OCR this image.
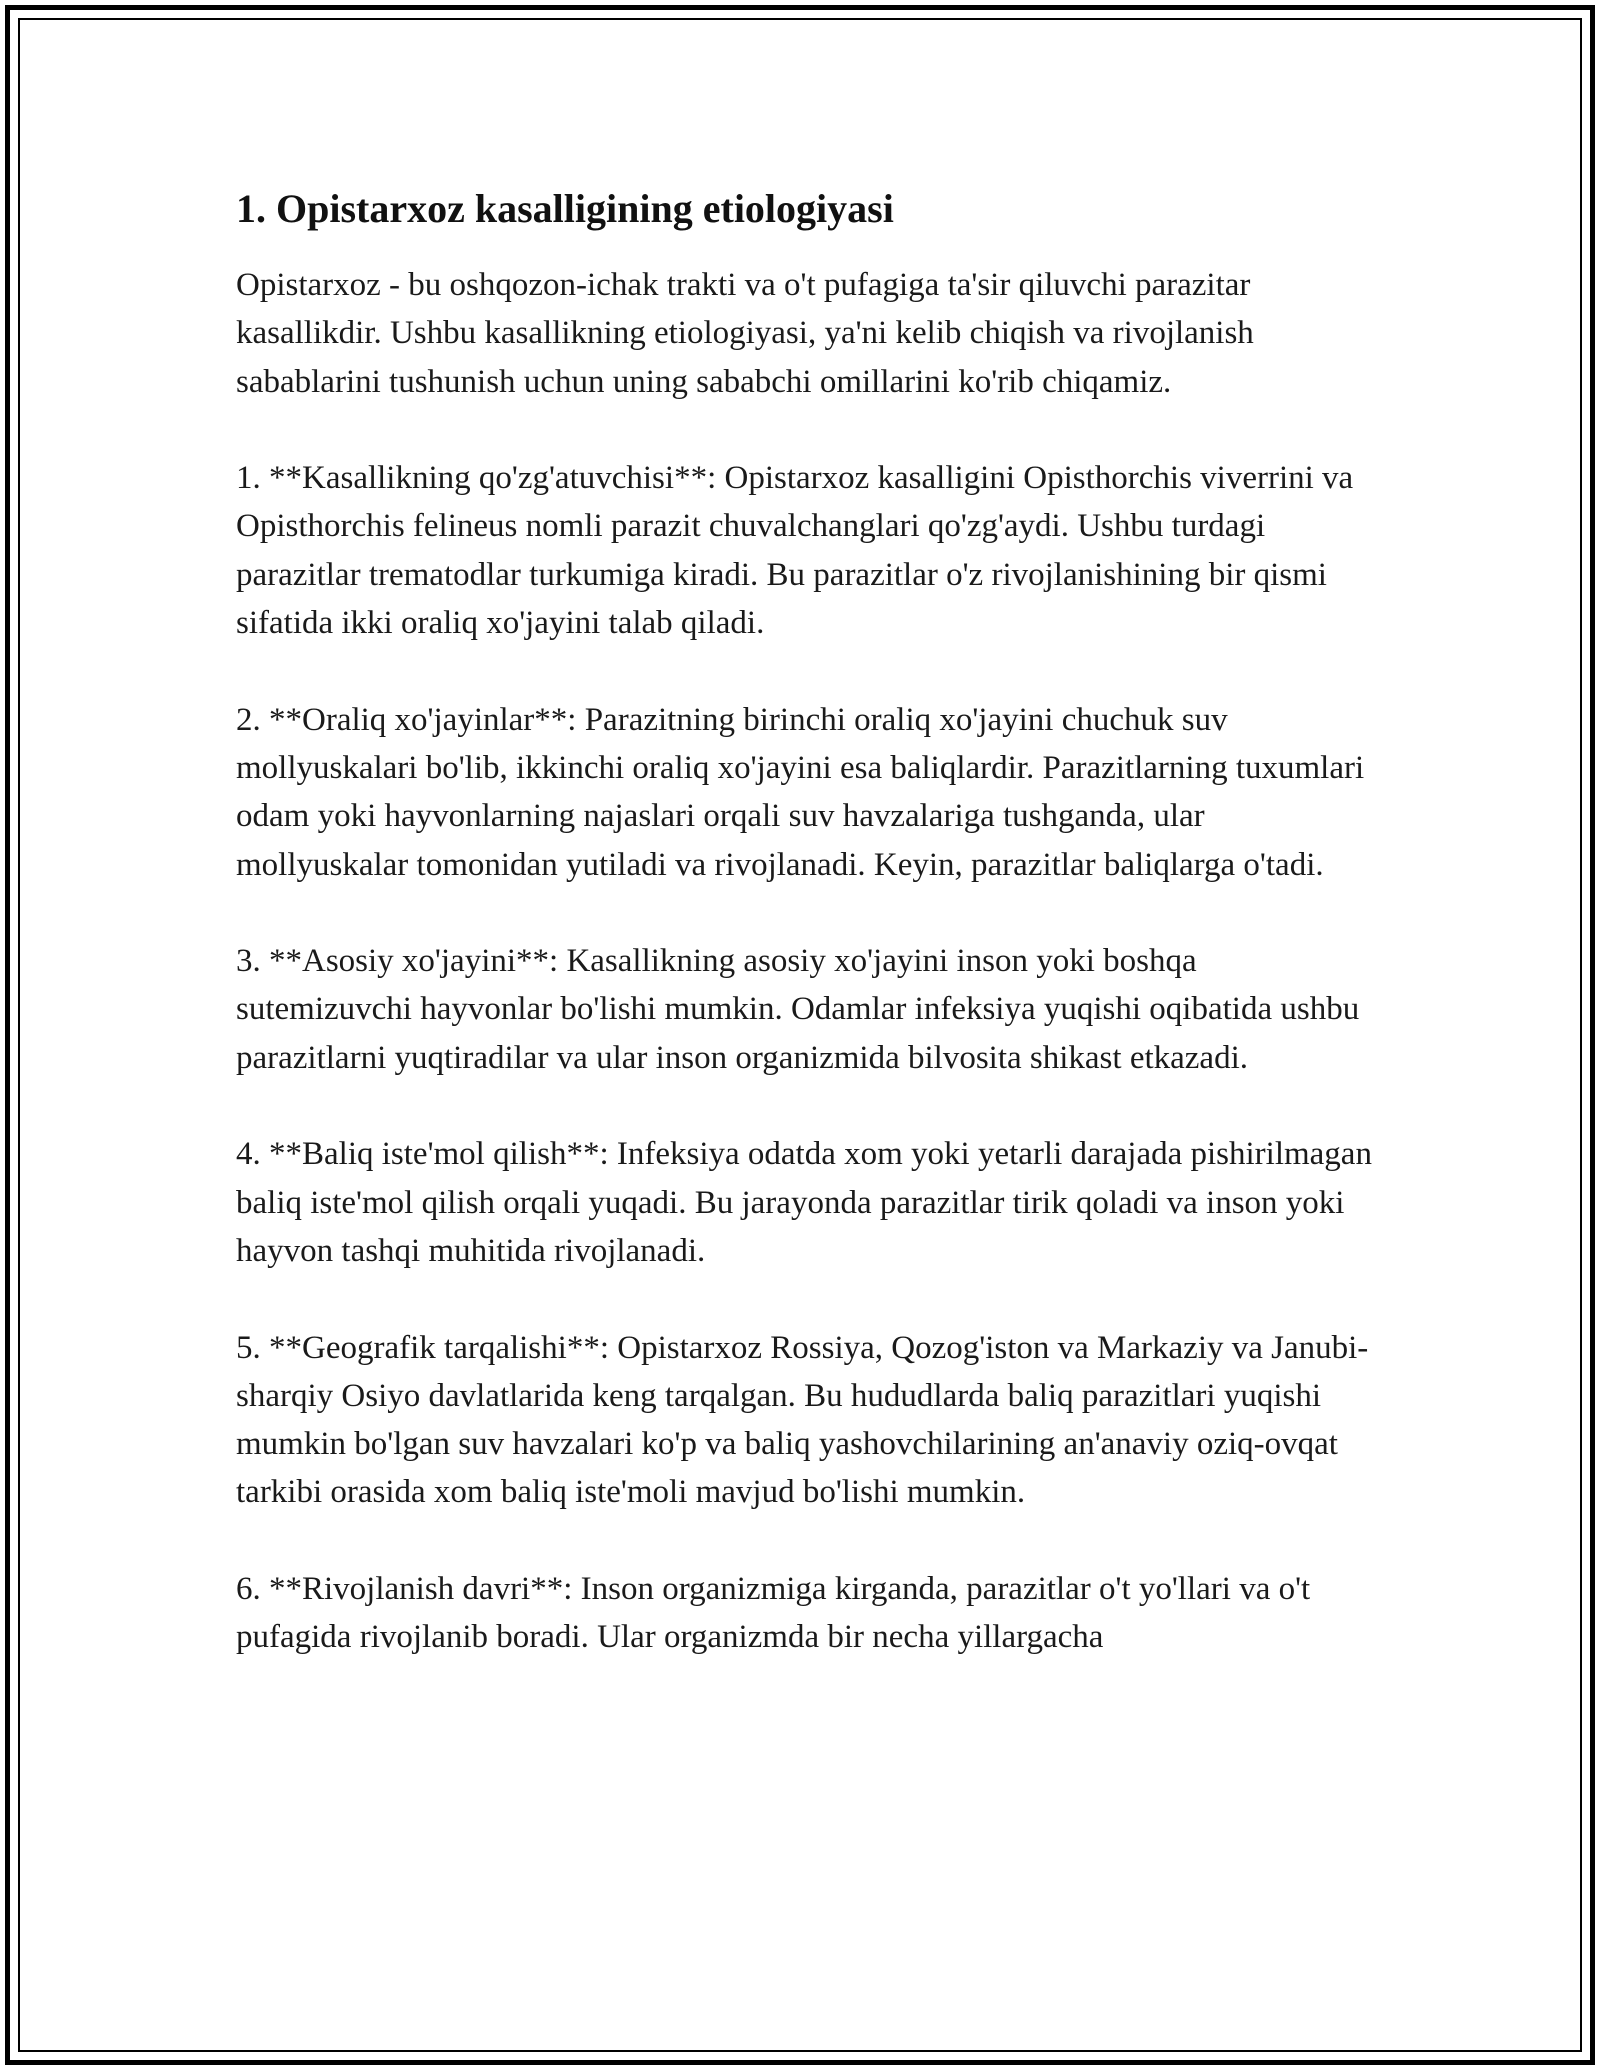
1. Opistarxoz kasalligining etiologiyasi

Opistarxoz - bu oshqozon-ichak trakti va o't pufagiga ta'sir qiluvchi parazitar kasallikdir. Ushbu kasallikning etiologiyasi, ya'ni kelib chiqish va rivojlanish sabablarini tushunish uchun uning sababchi omillarini ko'rib chiqamiz.

1. **Kasallikning qo'zg'atuvchisi**: Opistarxoz kasalligini Opisthorchis viverrini va Opisthorchis felineus nomli parazit chuvalchanglari qo'zg'aydi. Ushbu turdagi parazitlar trematodlar turkumiga kiradi. Bu parazitlar o'z rivojlanishining bir qismi sifatida ikki oraliq xo'jayini talab qiladi.

2. **Oraliq xo'jayinlar**: Parazitning birinchi oraliq xo'jayini chuchuk suv mollyuskalari bo'lib, ikkinchi oraliq xo'jayini esa baliqlardir. Parazitlarning tuxumlari odam yoki hayvonlarning najaslari orqali suv havzalariga tushganda, ular mollyuskalar tomonidan yutiladi va rivojlanadi. Keyin, parazitlar baliqlarga o'tadi.

3. **Asosiy xo'jayini**: Kasallikning asosiy xo'jayini inson yoki boshqa sutemizuvchi hayvonlar bo'lishi mumkin. Odamlar infeksiya yuqishi oqibatida ushbu parazitlarni yuqtiradilar va ular inson organizmida bilvosita shikast etkazadi.

4. **Baliq iste'mol qilish**: Infeksiya odatda xom yoki yetarli darajada pishirilmagan baliq iste'mol qilish orqali yuqadi. Bu jarayonda parazitlar tirik qoladi va inson yoki hayvon tashqi muhitida rivojlanadi.

5. **Geografik tarqalishi**: Opistarxoz Rossiya, Qozog'iston va Markaziy va Janubi-sharqiy Osiyo davlatlarida keng tarqalgan. Bu hududlarda baliq parazitlari yuqishi mumkin bo'lgan suv havzalari ko'p va baliq yashovchilarining an'anaviy oziq-ovqat tarkibi orasida xom baliq iste'moli mavjud bo'lishi mumkin.

6. **Rivojlanish davri**: Inson organizmiga kirganda, parazitlar o't yo'llari va o't pufagida rivojlanib boradi. Ular organizmda bir necha yillargacha
